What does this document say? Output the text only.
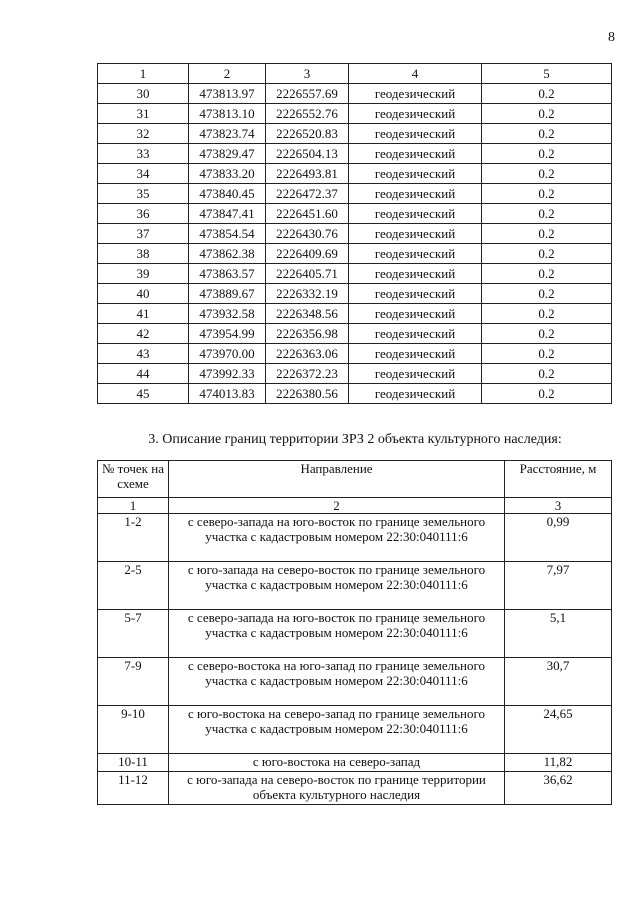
8
1	2	3	4	5
30	473813.97	2226557.69	геодезический	0.2
31	473813.10	2226552.76	геодезический	0.2
32	473823.74	2226520.83	геодезический	0.2
33	473829.47	2226504.13	геодезический	0.2
34	473833.20	2226493.81	геодезический	0.2
35	473840.45	2226472.37	геодезический	0.2
36	473847.41	2226451.60	геодезический	0.2
37	473854.54	2226430.76	геодезический	0.2
38	473862.38	2226409.69	геодезический	0.2
39	473863.57	2226405.71	геодезический	0.2
40	473889.67	2226332.19	геодезический	0.2
41	473932.58	2226348.56	геодезический	0.2
42	473954.99	2226356.98	геодезический	0.2
43	473970.00	2226363.06	геодезический	0.2
44	473992.33	2226372.23	геодезический	0.2
45	474013.83	2226380.56	геодезический	0.2
3. Описание границ территории ЗРЗ 2 объекта культурного наследия:
№ точек на схеме	Направление	Расстояние, м
1	2	3
1-2	с северо-запада на юго-восток по границе земельного участка с кадастровым номером 22:30:040111:6	0,99
2-5	с юго-запада на северо-восток по границе земельного участка с кадастровым номером 22:30:040111:6	7,97
5-7	с северо-запада на юго-восток по границе земельного участка с кадастровым номером 22:30:040111:6	5,1
7-9	с северо-востока на юго-запад по границе земельного участка с кадастровым номером 22:30:040111:6	30,7
9-10	с юго-востока на северо-запад по границе земельного участка с кадастровым номером 22:30:040111:6	24,65
10-11	с юго-востока на северо-запад	11,82
11-12	с юго-запада на северо-восток по границе территории объекта культурного наследия	36,62
